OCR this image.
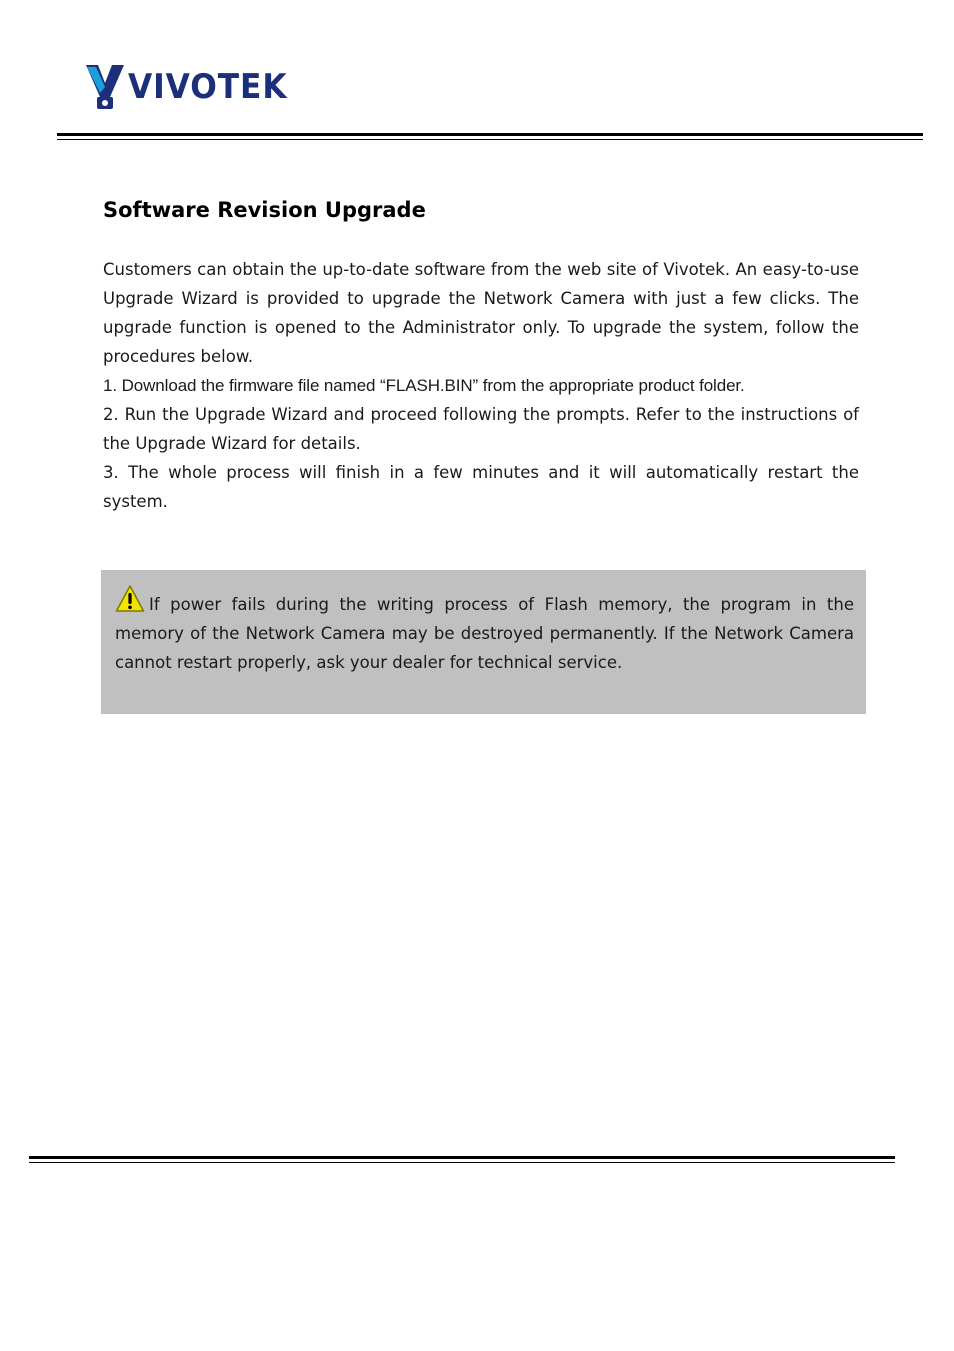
VIVOTEK
Software Revision Upgrade

Customers can obtain the up-to-date software from the web site of Vivotek. An easy-to-use Upgrade Wizard is provided to upgrade the Network Camera with just a few clicks. The upgrade function is opened to the Administrator only. To upgrade the system, follow the procedures below.

1. Download the firmware file named “FLASH.BIN” from the appropriate product folder.

2. Run the Upgrade Wizard and proceed following the prompts. Refer to the instructions of the Upgrade Wizard for details.

3. The whole process will finish in a few minutes and it will automatically restart the system.

If power fails during the writing process of Flash memory, the program in the memory of the Network Camera may be destroyed permanently. If the Network Camera cannot restart properly, ask your dealer for technical service.
